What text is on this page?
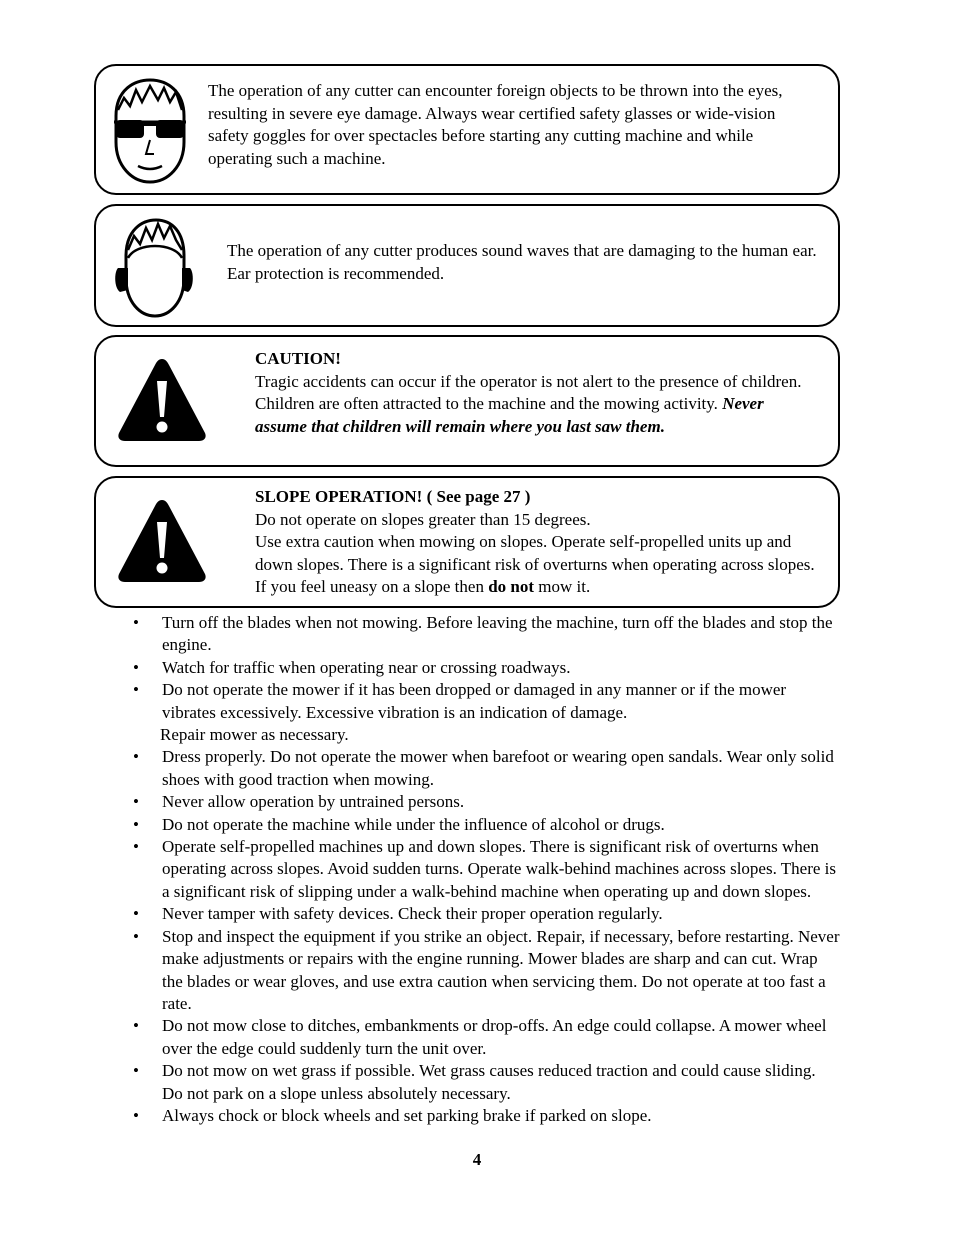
The operation of any cutter can encounter foreign objects to be thrown into the eyes, resulting in severe eye damage. Always wear certified safety glasses or wide-vision safety goggles for over spectacles before starting any cutting machine and while operating such a machine.

The operation of any cutter produces sound waves that are damaging to the human ear. Ear protection is recommended.

CAUTION!

Tragic accidents can occur if the operator is not alert to the presence of children. Children are often attracted to the machine and the mowing activity. Never assume that children will remain where you last saw them.

SLOPE OPERATION! ( See page 27 )

Do not operate on slopes greater than 15 degrees.

Use extra caution when mowing on slopes. Operate self-propelled units up and down slopes. There is a significant risk of overturns when operating across slopes. If you feel uneasy on a slope then do not mow it.

• Turn off the blades when not mowing. Before leaving the machine, turn off the blades and stop the engine.
• Watch for traffic when operating near or crossing roadways.
• Do not operate the mower if it has been dropped or damaged in any manner or if the mower vibrates excessively. Excessive vibration is an indication of damage.
Repair mower as necessary.
• Dress properly. Do not operate the mower when barefoot or wearing open sandals. Wear only solid shoes with good traction when mowing.
• Never allow operation by untrained persons.
• Do not operate the machine while under the influence of alcohol or drugs.
• Operate self-propelled machines up and down slopes. There is significant risk of overturns when operating across slopes. Avoid sudden turns. Operate walk-behind machines across slopes. There is a significant risk of slipping under a walk-behind machine when operating up and down slopes.
• Never tamper with safety devices. Check their proper operation regularly.
• Stop and inspect the equipment if you strike an object. Repair, if necessary, before restarting. Never make adjustments or repairs with the engine running. Mower blades are sharp and can cut. Wrap the blades or wear gloves, and use extra caution when servicing them. Do not operate at too fast a rate.
• Do not mow close to ditches, embankments or drop-offs. An edge could collapse. A mower wheel over the edge could suddenly turn the unit over.
• Do not mow on wet grass if possible. Wet grass causes reduced traction and could cause sliding. Do not park on a slope unless absolutely necessary.
• Always chock or block wheels and set parking brake if parked on slope.
4
